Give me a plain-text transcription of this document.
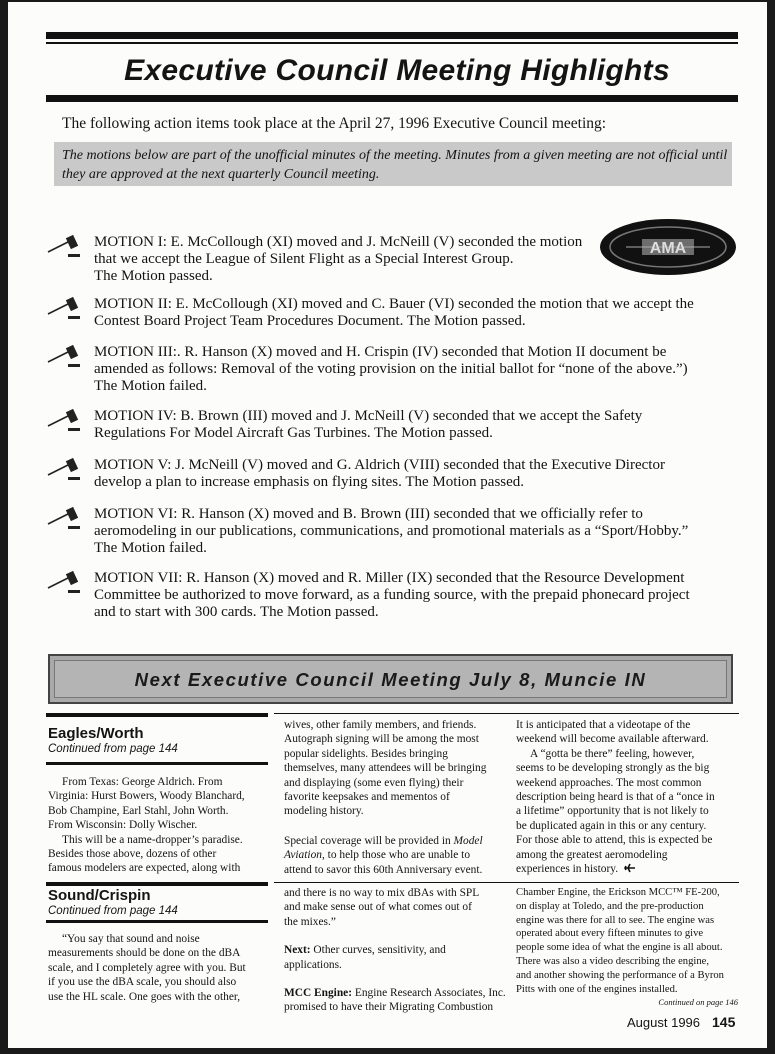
Executive Council Meeting Highlights
The following action items took place at the April 27, 1996 Executive Council meeting:
The motions below are part of the unofficial minutes of the meeting. Minutes from a given meeting are not official until they are approved at the next quarterly Council meeting.
AMA
MOTION I: E. McCollough (XI) moved and J. McNeill (V) seconded the motion
that we accept the League of Silent Flight as a Special Interest Group.
The Motion passed.
MOTION II: E. McCollough (XI) moved and C. Bauer (VI) seconded the motion that we accept the
Contest Board Project Team Procedures Document. The Motion passed.
MOTION III:. R. Hanson (X) moved and H. Crispin (IV) seconded that Motion II document be
amended as follows: Removal of the voting provision on the initial ballot for “none of the above.”)
The Motion failed.
MOTION IV: B. Brown (III) moved and J. McNeill (V) seconded that we accept the Safety
Regulations For Model Aircraft Gas Turbines. The Motion passed.
MOTION V: J. McNeill (V) moved and G. Aldrich (VIII) seconded that the Executive Director
develop a plan to increase emphasis on flying sites. The Motion passed.
MOTION VI: R. Hanson (X) moved and B. Brown (III) seconded that we officially refer to
aeromodeling in our publications, communications, and promotional materials as a “Sport/Hobby.”
The Motion failed.
MOTION VII: R. Hanson (X) moved and R. Miller (IX) seconded that the Resource Development
Committee be authorized to move forward, as a funding source, with the prepaid phonecard project
and to start with 300 cards. The Motion passed.
Next Executive Council Meeting July 8, Muncie IN
Eagles/Worth
Continued from page 144

From Texas: George Aldrich. From
Virginia: Hurst Bowers, Woody Blanchard,
Bob Champine, Earl Stahl, John Worth.
From Wisconsin: Dolly Wischer.

This will be a name-dropper’s paradise.
Besides those above, dozens of other
famous modelers are expected, along with

wives, other family members, and friends.
Autograph signing will be among the most
popular sidelights. Besides bringing
themselves, many attendees will be bringing
and displaying (some even flying) their
favorite keepsakes and mementos of
modeling history.

Special coverage will be provided in Model
Aviation, to help those who are unable to
attend to savor this 60th Anniversary event.

It is anticipated that a videotape of the
weekend will become available afterward.

A “gotta be there” feeling, however,
seems to be developing strongly as the big
weekend approaches. The most common
description being heard is that of a “once in
a lifetime” opportunity that is not likely to
be duplicated again in this or any century.
For those able to attend, this is expected be
among the greatest aeromodeling
experiences in history.

Sound/Crispin
Continued from page 144

“You say that sound and noise
measurements should be done on the dBA
scale, and I completely agree with you. But
if you use the dBA scale, you should also
use the HL scale. One goes with the other,

and there is no way to mix dBAs with SPL
and make sense out of what comes out of
the mixes.”

Next: Other curves, sensitivity, and
applications.

MCC Engine: Engine Research Associates, Inc.
promised to have their Migrating Combustion

Chamber Engine, the Erickson MCC™ FE-200,
on display at Toledo, and the pre-production
engine was there for all to see. The engine was
operated about every fifteen minutes to give
people some idea of what the engine is all about.
There was also a video describing the engine,
and another showing the performance of a Byron
Pitts with one of the engines installed.
Continued on page 146
August 1996 145
